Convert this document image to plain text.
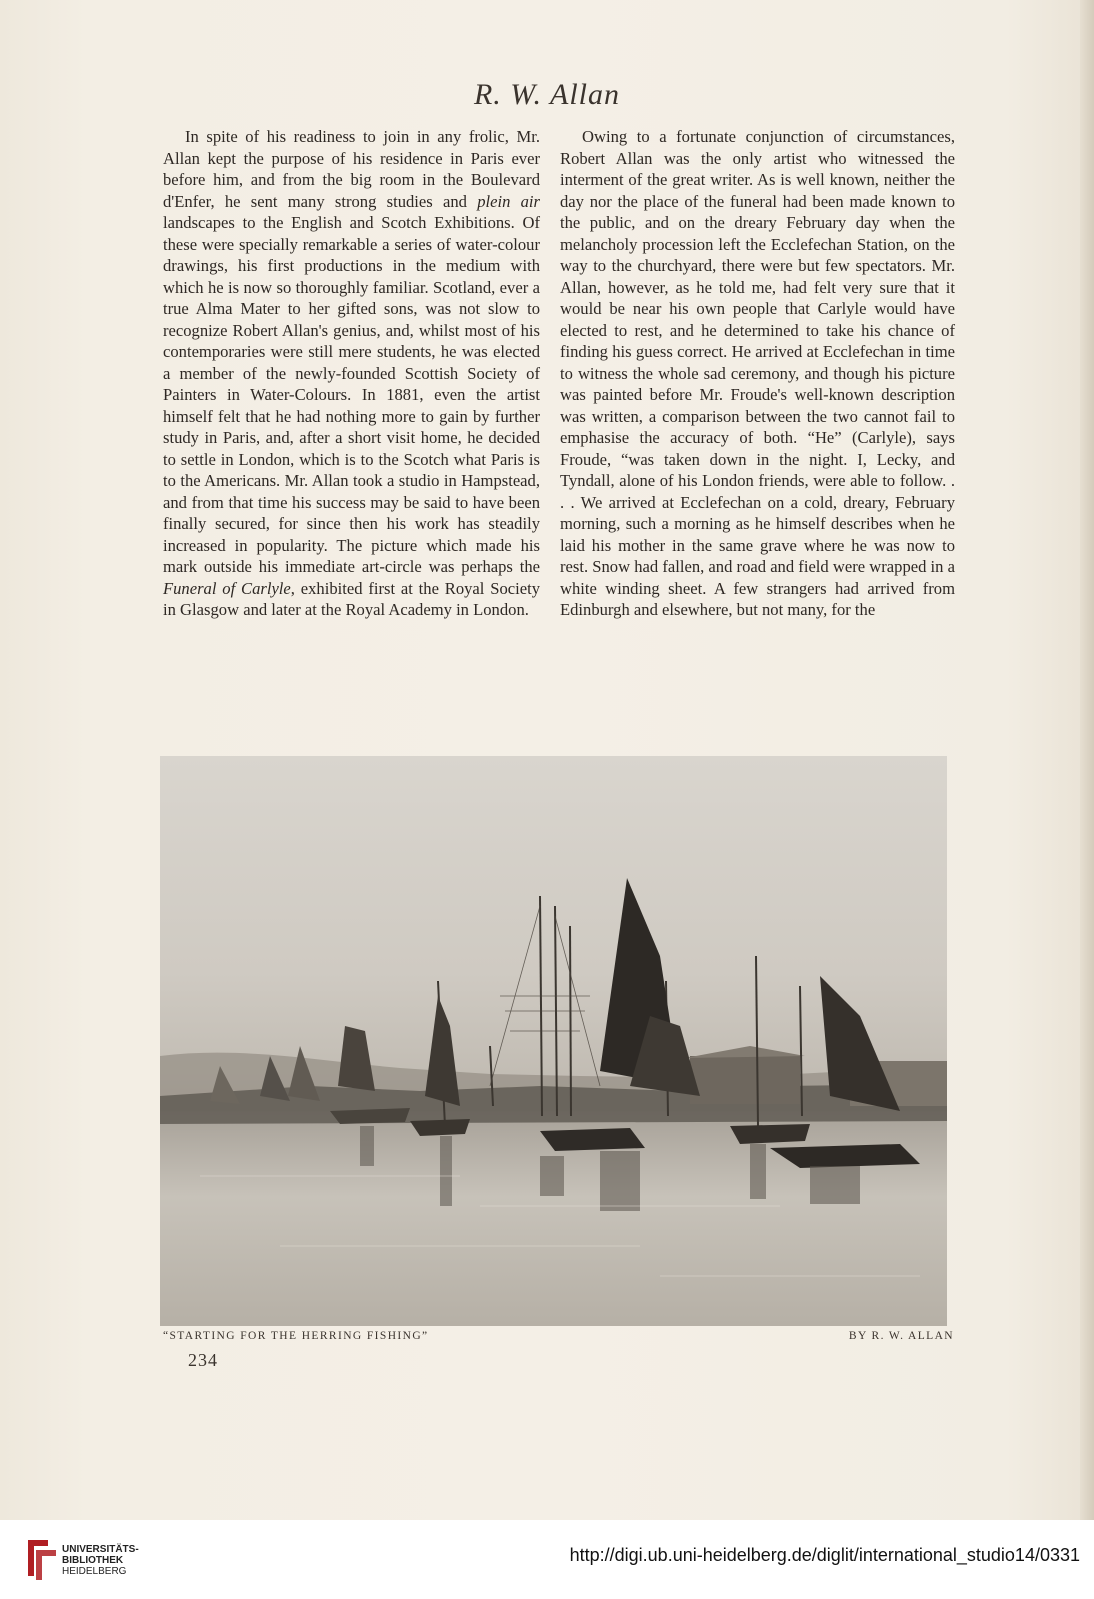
R. W. Allan

In spite of his readiness to join in any frolic, Mr. Allan kept the purpose of his residence in Paris ever before him, and from the big room in the Boulevard d'Enfer, he sent many strong studies and plein air landscapes to the English and Scotch Exhibitions. Of these were specially remarkable a series of water-colour drawings, his first productions in the medium with which he is now so thoroughly familiar. Scotland, ever a true Alma Mater to her gifted sons, was not slow to recognize Robert Allan's genius, and, whilst most of his contemporaries were still mere students, he was elected a member of the newly-founded Scottish Society of Painters in Water-Colours. In 1881, even the artist himself felt that he had nothing more to gain by further study in Paris, and, after a short visit home, he decided to settle in London, which is to the Scotch what Paris is to the Americans. Mr. Allan took a studio in Hampstead, and from that time his success may be said to have been finally secured, for since then his work has steadily increased in popularity. The picture which made his mark outside his immediate art-circle was perhaps the Funeral of Carlyle, exhibited first at the Royal Society in Glasgow and later at the Royal Academy in London.

Owing to a fortunate conjunction of circumstances, Robert Allan was the only artist who witnessed the interment of the great writer. As is well known, neither the day nor the place of the funeral had been made known to the public, and on the dreary February day when the melancholy procession left the Ecclefechan Station, on the way to the churchyard, there were but few spectators. Mr. Allan, however, as he told me, had felt very sure that it would be near his own people that Carlyle would have elected to rest, and he determined to take his chance of finding his guess correct. He arrived at Ecclefechan in time to witness the whole sad ceremony, and though his picture was painted before Mr. Froude's well-known description was written, a comparison between the two cannot fail to emphasise the accuracy of both. “He” (Carlyle), says Froude, “was taken down in the night. I, Lecky, and Tyndall, alone of his London friends, were able to follow. . . . We arrived at Ecclefechan on a cold, dreary, February morning, such a morning as he himself describes when he laid his mother in the same grave where he was now to rest. Snow had fallen, and road and field were wrapped in a white winding sheet. A few strangers had arrived from Edinburgh and elsewhere, but not many, for the

“STARTING FOR THE HERRING FISHING”	BY R. W. ALLAN
234
UNIVERSITÄTS-
BIBLIOTHEK
HEIDELBERG
http://digi.ub.uni-heidelberg.de/diglit/international_studio14/0331
